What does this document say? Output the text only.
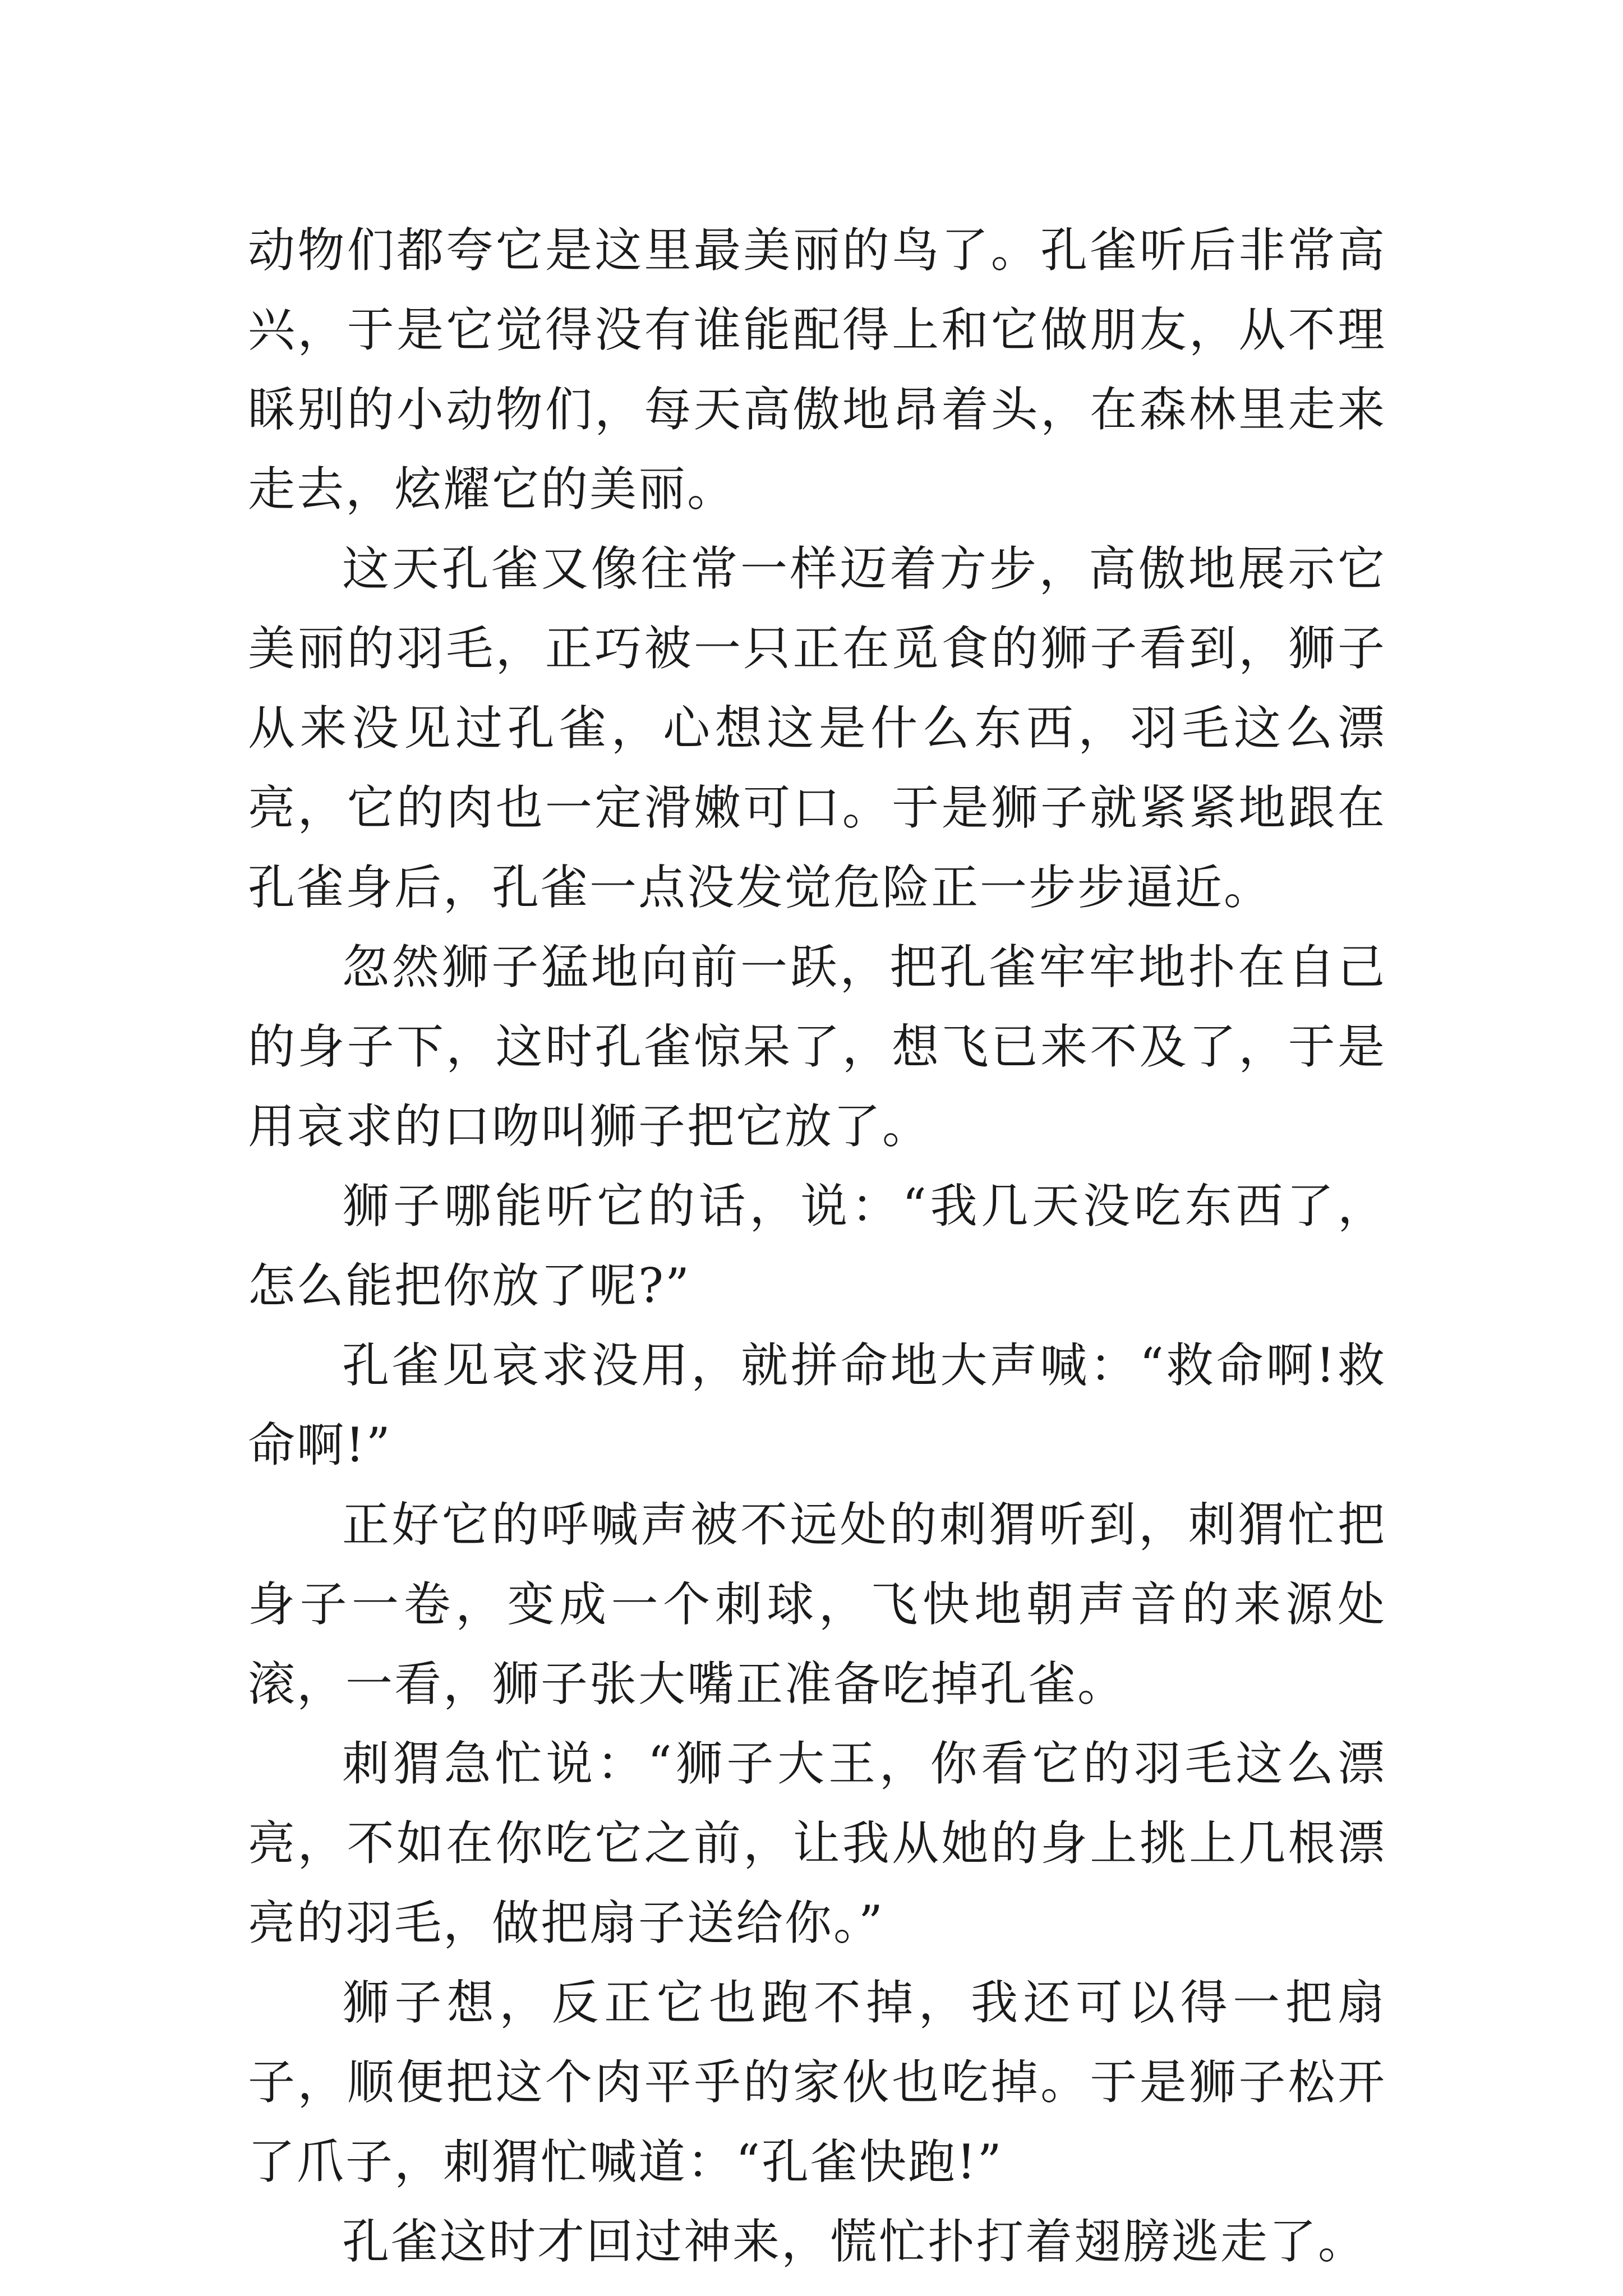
动物们都夸它是这里最美丽的鸟了。孔雀听后非常高兴，于是它觉得没有谁能配得上和它做朋友，从不理睬别的小动物们，每天高傲地昂着头，在森林里走来走去，炫耀它的美丽。

这天孔雀又像往常一样迈着方步，高傲地展示它美丽的羽毛，正巧被一只正在觅食的狮子看到，狮子从来没见过孔雀，心想这是什么东西，羽毛这么漂亮，它的肉也一定滑嫩可口。于是狮子就紧紧地跟在孔雀身后，孔雀一点没发觉危险正一步步逼近。

忽然狮子猛地向前一跃，把孔雀牢牢地扑在自己的身子下，这时孔雀惊呆了，想飞已来不及了，于是用哀求的口吻叫狮子把它放了。

狮子哪能听它的话，说：“我几天没吃东西了，怎么能把你放了呢?”

孔雀见哀求没用，就拼命地大声喊：“救命啊!救命啊!”

正好它的呼喊声被不远处的刺猬听到，刺猬忙把身子一卷，变成一个刺球，飞快地朝声音的来源处滚，一看，狮子张大嘴正准备吃掉孔雀。

刺猬急忙说：“狮子大王，你看它的羽毛这么漂亮，不如在你吃它之前，让我从她的身上挑上几根漂亮的羽毛，做把扇子送给你。”

狮子想，反正它也跑不掉，我还可以得一把扇子，顺便把这个肉平乎的家伙也吃掉。于是狮子松开了爪子，刺猬忙喊道：“孔雀快跑!”

孔雀这时才回过神来，慌忙扑打着翅膀逃走了。
